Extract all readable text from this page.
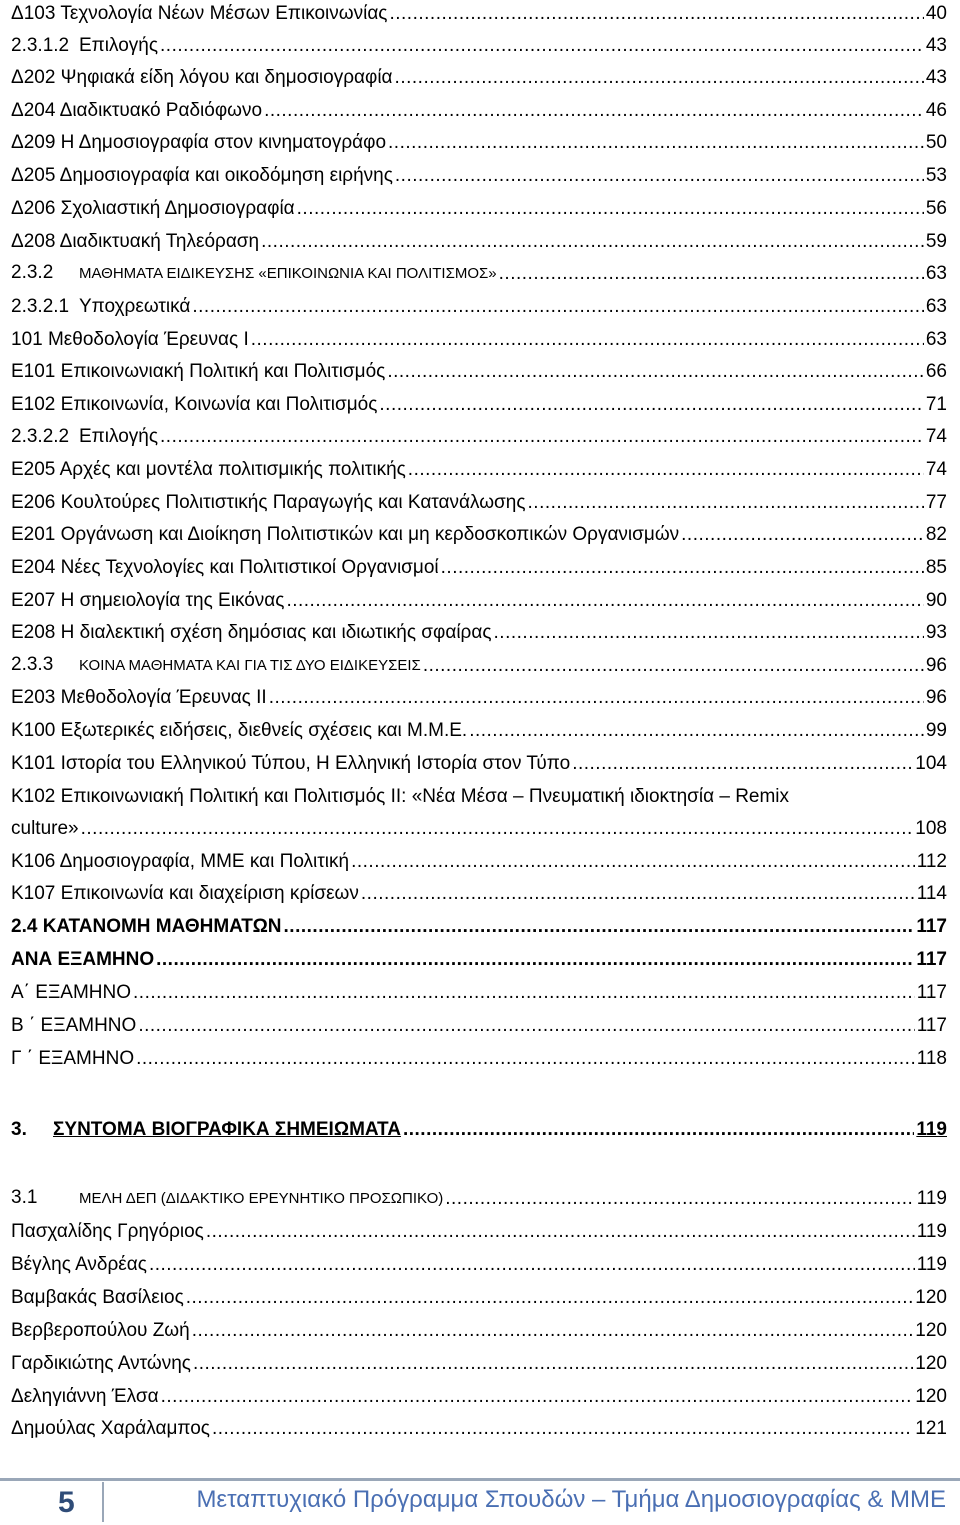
Δ103 Τεχνολογία Νέων Μέσων Επικοινωνίας .....	40
2.3.1.2 Επιλογής .....	43
Δ202 Ψηφιακά είδη λόγου και δημοσιογραφία .....	43
Δ204 Διαδικτυακό Ραδιόφωνο .....	46
Δ209 Η Δημοσιογραφία στον κινηματογράφο .....	50
Δ205 Δημοσιογραφία και οικοδόμηση ειρήνης .....	53
Δ206 Σχολιαστική Δημοσιογραφία .....	56
Δ208 Διαδικτυακή Τηλεόραση .....	59
2.3.2 ΜΑΘΗΜΑΤΑ ΕΙΔΙΚΕΥΣΗΣ «ΕΠΙΚΟΙΝΩΝΙΑ ΚΑΙ ΠΟΛΙΤΙΣΜΟΣ» .....	63
2.3.2.1 Υποχρεωτικά .....	63
101 Μεθοδολογία Έρευνας Ι .....	63
Ε101 Επικοινωνιακή Πολιτική και Πολιτισμός .....	66
Ε102 Επικοινωνία, Κοινωνία και Πολιτισμός .....	71
2.3.2.2 Επιλογής .....	74
Ε205 Αρχές και μοντέλα πολιτισμικής πολιτικής .....	74
Ε206 Κουλτούρες Πολιτιστικής Παραγωγής και Κατανάλωσης .....	77
Ε201 Οργάνωση και Διοίκηση Πολιτιστικών και μη κερδοσκοπικών Οργανισμών .....	82
Ε204 Νέες Τεχνολογίες και Πολιτιστικοί Οργανισμοί .....	85
Ε207 Η σημειολογία της Εικόνας .....	90
Ε208 Η διαλεκτική σχέση δημόσιας και ιδιωτικής σφαίρας .....	93
2.3.3 ΚΟΙΝΑ ΜΑΘΗΜΑΤΑ ΚΑΙ ΓΙΑ ΤΙΣ ΔΥΟ ΕΙΔΙΚΕΥΣΕΙΣ .....	96
Ε203 Μεθοδολογία Έρευνας ΙΙ .....	96
Κ100 Εξωτερικές ειδήσεις, διεθνείς σχέσεις και Μ.Μ.Ε. .....	99
Κ101 Ιστορία του Ελληνικού Τύπου, Η Ελληνική Ιστορία στον Τύπο .....	104
Κ102 Επικοινωνιακή Πολιτική και Πολιτισμός ΙΙ: «Νέα Μέσα – Πνευματική ιδιοκτησία – Remix
culture» .....	108
Κ106 Δημοσιογραφία, ΜΜΕ και Πολιτική .....	112
Κ107 Επικοινωνία και διαχείριση κρίσεων .....	114
2.4 ΚΑΤΑΝΟΜΗ ΜΑΘΗΜΑΤΩΝ .....	117
ΑΝΑ ΕΞΑΜΗΝΟ .....	117
Α΄ ΕΞΑΜΗΝΟ .....	117
Β ΄ ΕΞΑΜΗΝΟ .....	117
Γ ΄ ΕΞΑΜΗΝΟ .....	118
3. ΣΥΝΤΟΜΑ ΒΙΟΓΡΑΦΙΚΑ ΣΗΜΕΙΩΜΑΤΑ .....	119
3.1	ΜΕΛΗ ΔΕΠ (ΔΙΔΑΚΤΙΚΟ ΕΡΕΥΝΗΤΙΚΟ ΠΡΟΣΩΠΙΚΟ) .....	119
Πασχαλίδης Γρηγόριος .....	119
Βέγλης Ανδρέας .....	119
Βαμβακάς Βασίλειος .....	120
Βερβεροπούλου Ζωή .....	120
Γαρδικιώτης Αντώνης .....	120
Δεληγιάννη Έλσα .....	120
Δημούλας Χαράλαμπος .....	121
5	Μεταπτυχιακό Πρόγραμμα Σπουδών – Τμήμα Δημοσιογραφίας & ΜΜΕ
